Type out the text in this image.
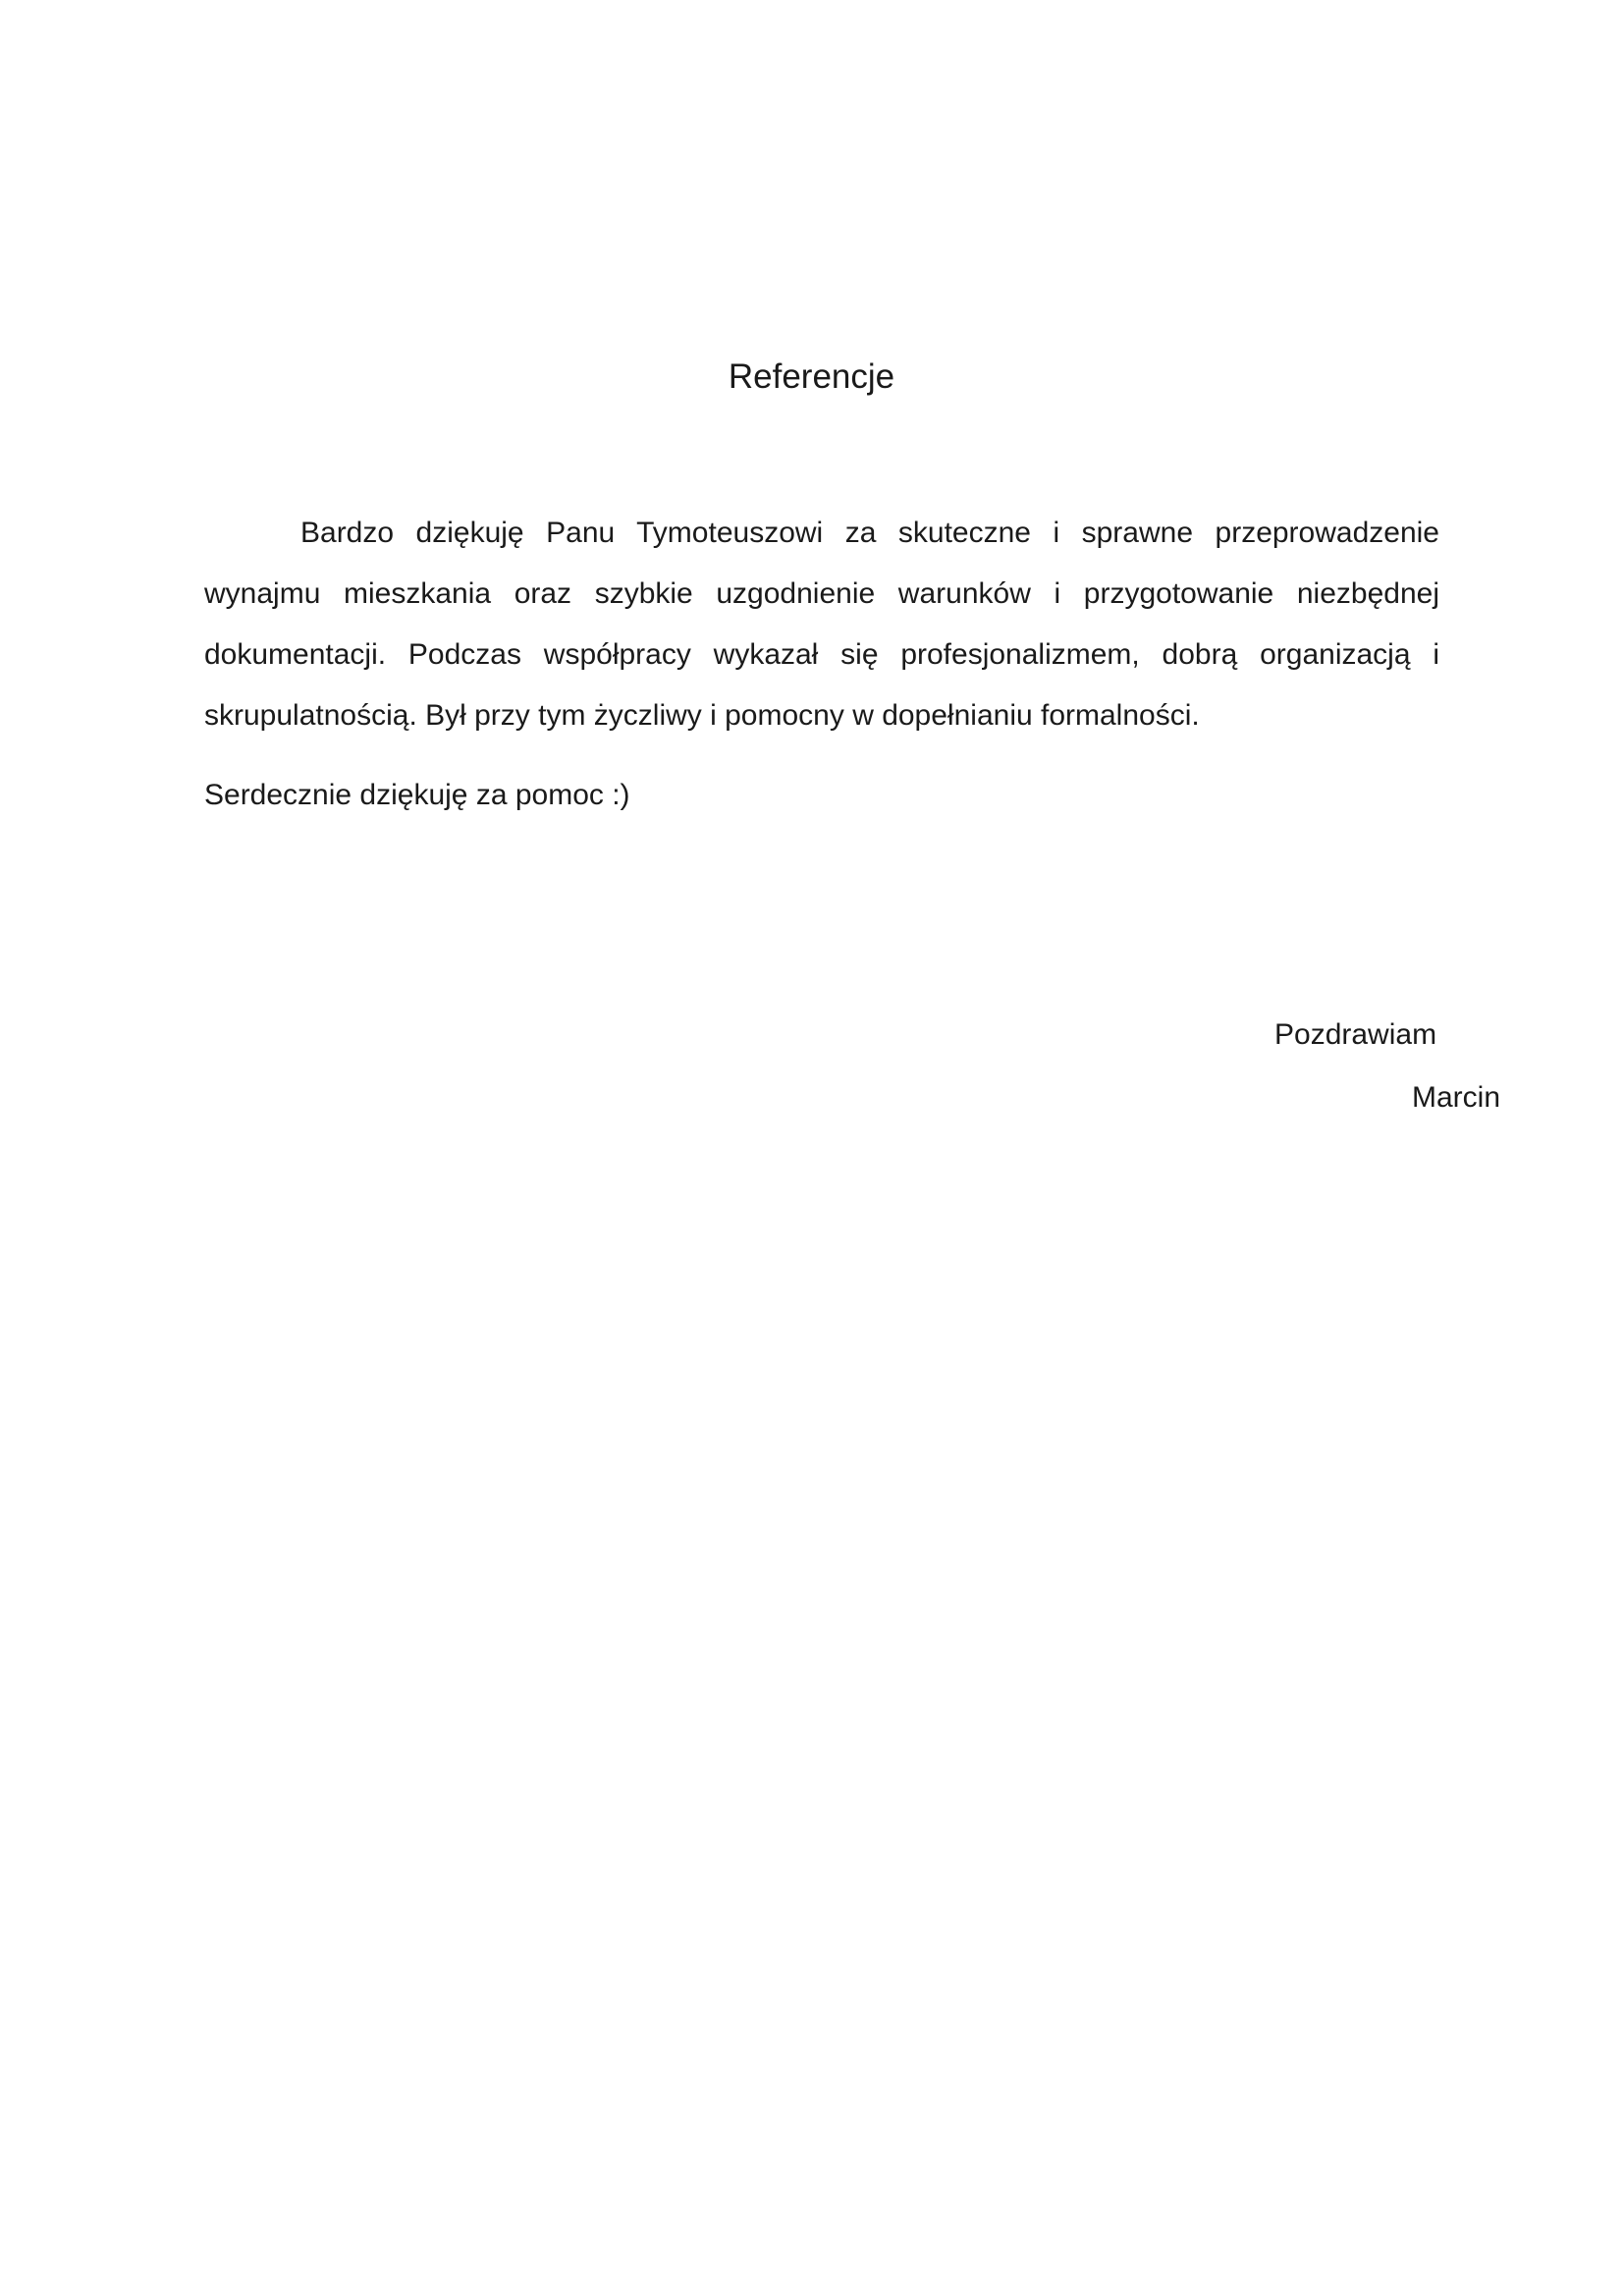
Referencje
Bardzo dziękuję Panu Tymoteuszowi za skuteczne i sprawne przeprowadzenie
wynajmu mieszkania oraz szybkie uzgodnienie warunków i przygotowanie niezbędnej
dokumentacji. Podczas współpracy wykazał się profesjonalizmem, dobrą organizacją i
skrupulatnością. Był przy tym życzliwy i pomocny w dopełnianiu formalności.

Serdecznie dziękuję za pomoc :)

Pozdrawiam

Marcin
